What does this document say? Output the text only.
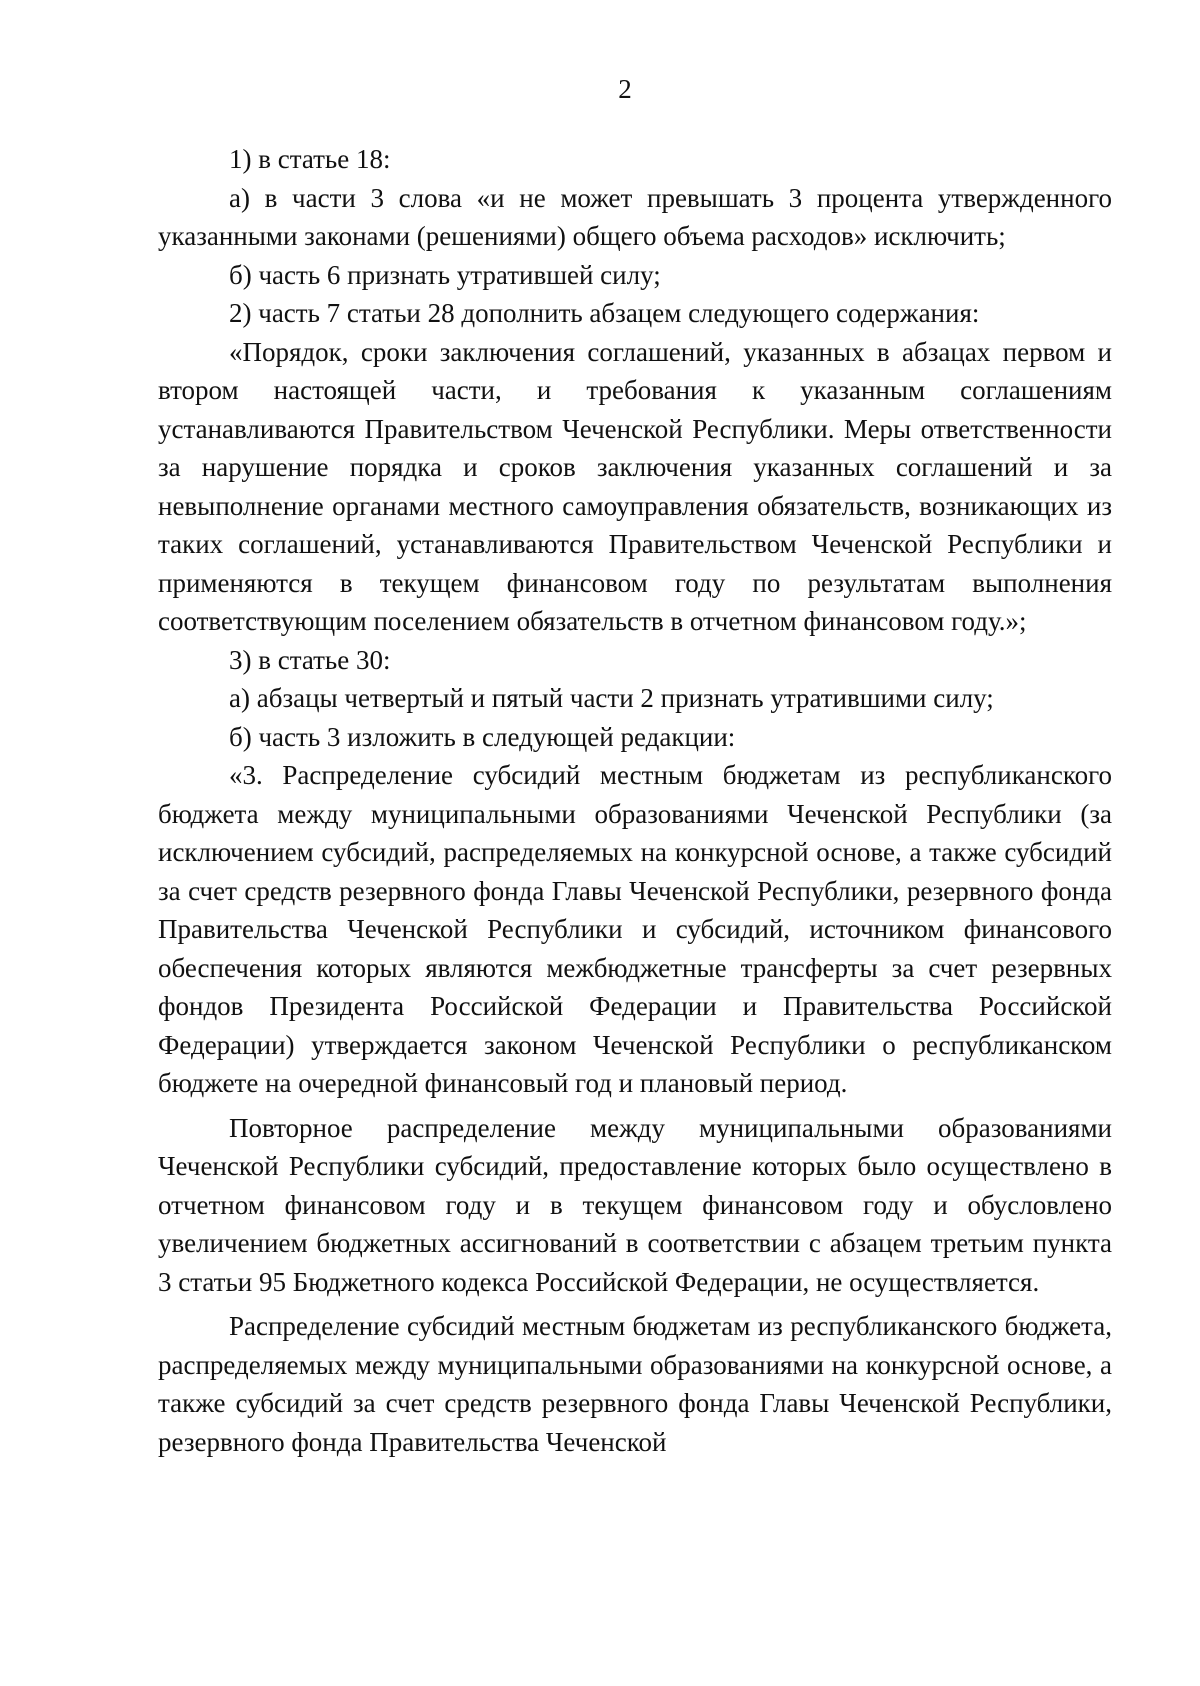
2

1) в статье 18:

а) в части 3 слова «и не может превышать 3 процента утвержденного указанными законами (решениями) общего объема расходов» исключить;

б) часть 6 признать утратившей силу;

2) часть 7 статьи 28 дополнить абзацем следующего содержания:

«Порядок, сроки заключения соглашений, указанных в абзацах первом и втором настоящей части, и требования к указанным соглашениям устанавливаются Правительством Чеченской Республики. Меры ответственности за нарушение порядка и сроков заключения указанных соглашений и за невыполнение органами местного самоуправления обязательств, возникающих из таких соглашений, устанавливаются Правительством Чеченской Республики и применяются в текущем финансовом году по результатам выполнения соответствующим поселением обязательств в отчетном финансовом году.»;

3) в статье 30:

а) абзацы четвертый и пятый части 2 признать утратившими силу;

б) часть 3 изложить в следующей редакции:

«3. Распределение субсидий местным бюджетам из республиканского бюджета между муниципальными образованиями Чеченской Республики (за исключением субсидий, распределяемых на конкурсной основе, а также субсидий за счет средств резервного фонда Главы Чеченской Республики, резервного фонда Правительства Чеченской Республики и субсидий, источником финансового обеспечения которых являются межбюджетные трансферты за счет резервных фондов Президента Российской Федерации и Правительства Российской Федерации) утверждается законом Чеченской Республики о республиканском бюджете на очередной финансовый год и плановый период.

Повторное распределение между муниципальными образованиями Чеченской Республики субсидий, предоставление которых было осуществлено в отчетном финансовом году и в текущем финансовом году и обусловлено увеличением бюджетных ассигнований в соответствии с абзацем третьим пункта 3 статьи 95 Бюджетного кодекса Российской Федерации, не осуществляется.

Распределение субсидий местным бюджетам из республиканского бюджета, распределяемых между муниципальными образованиями на конкурсной основе, а также субсидий за счет средств резервного фонда Главы Чеченской Республики, резервного фонда Правительства Чеченской
